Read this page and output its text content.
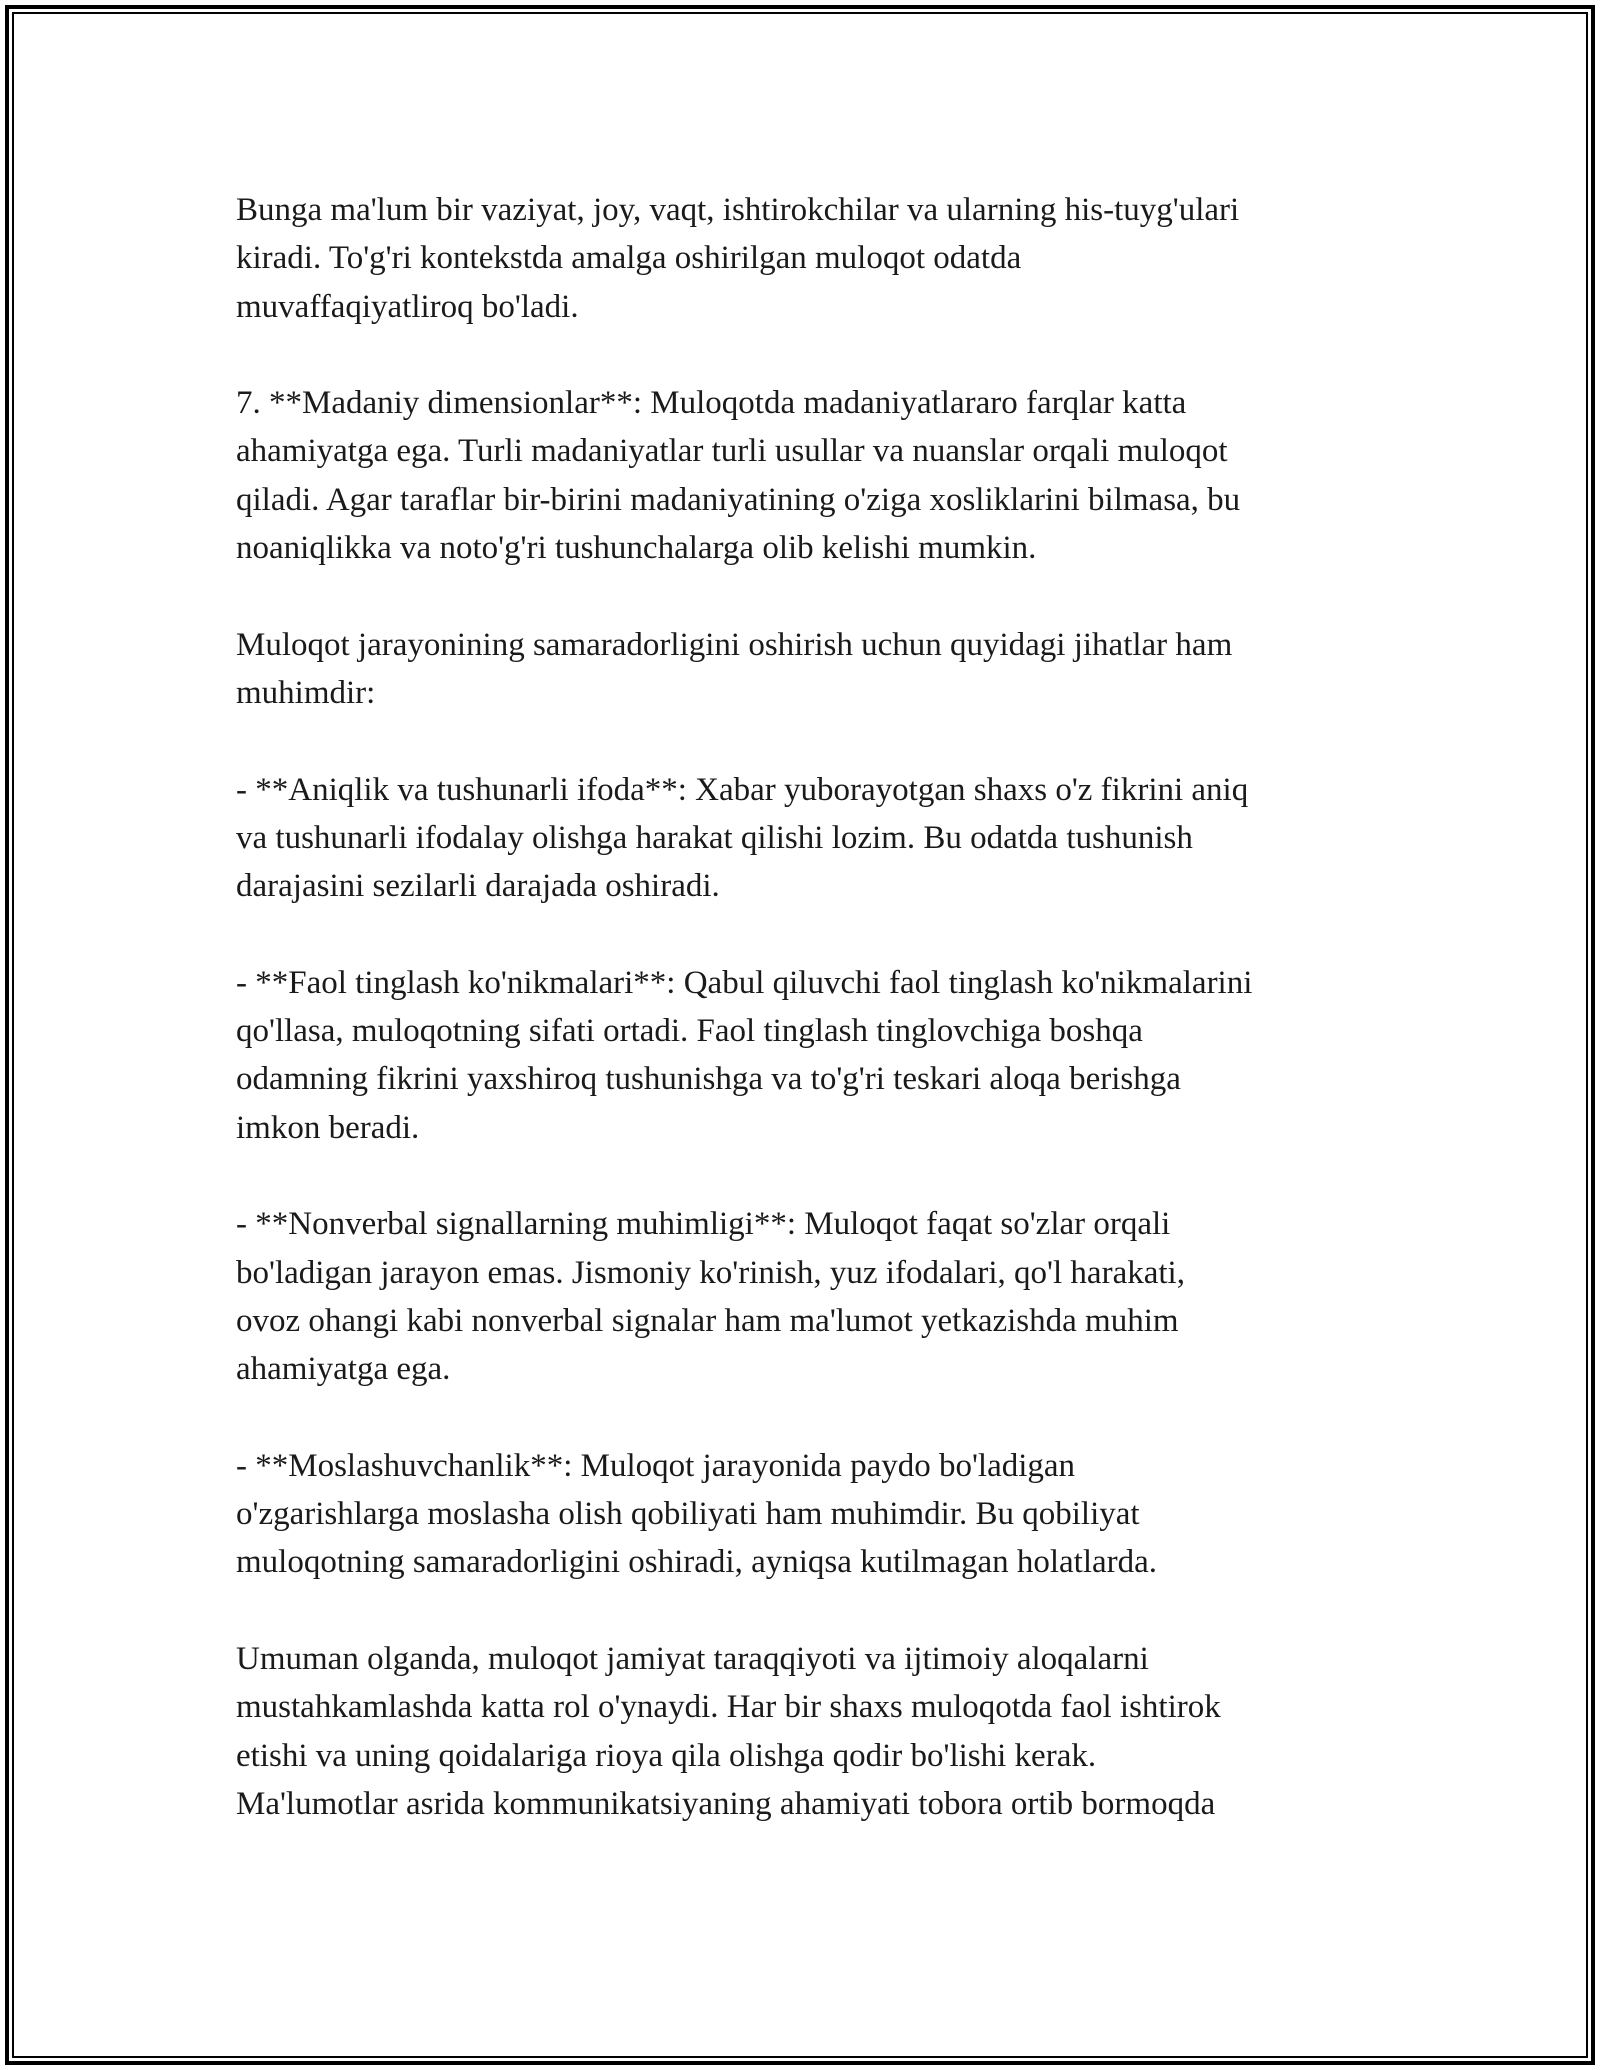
Bunga ma'lum bir vaziyat, joy, vaqt, ishtirokchilar va ularning his-tuyg'ulari
kiradi. To'g'ri kontekstda amalga oshirilgan muloqot odatda
muvaffaqiyatliroq bo'ladi.

7. **Madaniy dimensionlar**: Muloqotda madaniyatlararo farqlar katta
ahamiyatga ega. Turli madaniyatlar turli usullar va nuanslar orqali muloqot
qiladi. Agar taraflar bir-birini madaniyatining o'ziga xosliklarini bilmasa, bu
noaniqlikka va noto'g'ri tushunchalarga olib kelishi mumkin.

Muloqot jarayonining samaradorligini oshirish uchun quyidagi jihatlar ham
muhimdir:

- **Aniqlik va tushunarli ifoda**: Xabar yuborayotgan shaxs o'z fikrini aniq
va tushunarli ifodalay olishga harakat qilishi lozim. Bu odatda tushunish
darajasini sezilarli darajada oshiradi.

- **Faol tinglash ko'nikmalari**: Qabul qiluvchi faol tinglash ko'nikmalarini
qo'llasa, muloqotning sifati ortadi. Faol tinglash tinglovchiga boshqa
odamning fikrini yaxshiroq tushunishga va to'g'ri teskari aloqa berishga
imkon beradi.

- **Nonverbal signallarning muhimligi**: Muloqot faqat so'zlar orqali
bo'ladigan jarayon emas. Jismoniy ko'rinish, yuz ifodalari, qo'l harakati,
ovoz ohangi kabi nonverbal signalar ham ma'lumot yetkazishda muhim
ahamiyatga ega.

- **Moslashuvchanlik**: Muloqot jarayonida paydo bo'ladigan
o'zgarishlarga moslasha olish qobiliyati ham muhimdir. Bu qobiliyat
muloqotning samaradorligini oshiradi, ayniqsa kutilmagan holatlarda.

Umuman olganda, muloqot jamiyat taraqqiyoti va ijtimoiy aloqalarni
mustahkamlashda katta rol o'ynaydi. Har bir shaxs muloqotda faol ishtirok
etishi va uning qoidalariga rioya qila olishga qodir bo'lishi kerak.
Ma'lumotlar asrida kommunikatsiyaning ahamiyati tobora ortib bormoqda
